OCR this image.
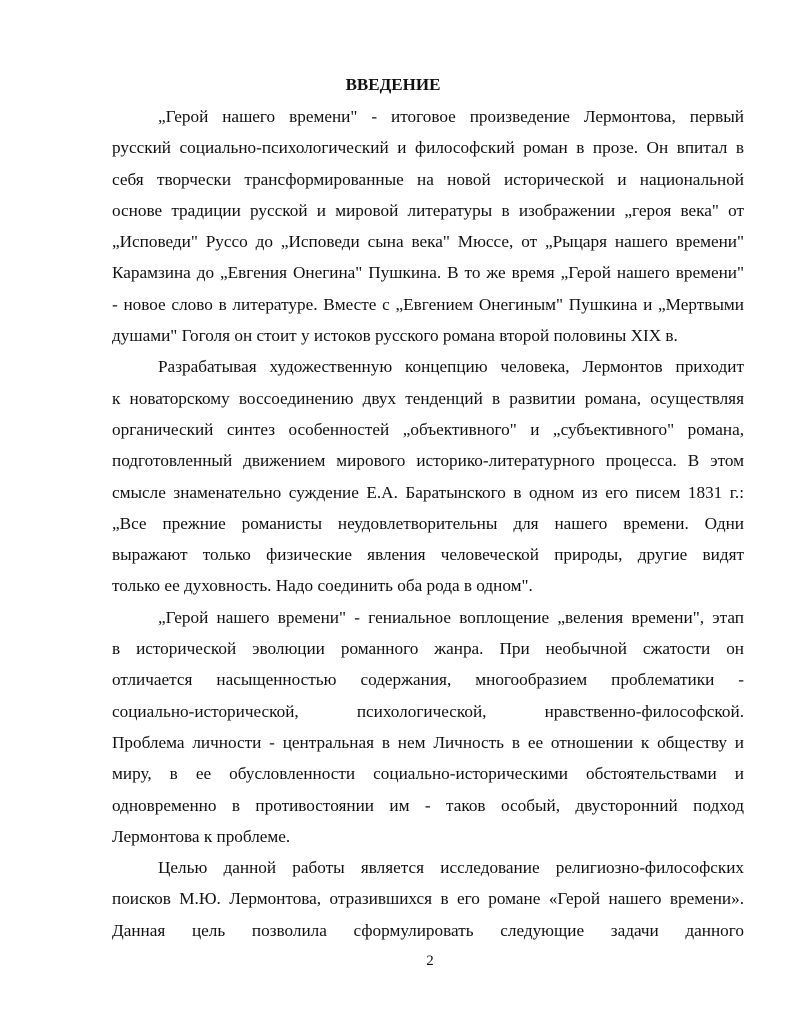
ВВЕДЕНИЕ
„Герой нашего времени" - итоговое произведение Лермонтова, первый
русский социально-психологический и философский роман в прозе. Он впитал в
себя творчески трансформированные на новой исторической и национальной
основе традиции русской и мировой литературы в изображении „героя века" от
„Исповеди" Руссо до „Исповеди сына века" Мюссе, от „Рыцаря нашего времени"
Карамзина до „Евгения Онегина" Пушкина. В то же время „Герой нашего времени"
- новое слово в литературе. Вместе с „Евгением Онегиным" Пушкина и „Мертвыми
душами" Гоголя он стоит у истоков русского романа второй половины XIX в.
Разрабатывая художественную концепцию человека, Лермонтов приходит
к новаторскому воссоединению двух тенденций в развитии романа, осуществляя
органический синтез особенностей „объективного" и „субъективного" романа,
подготовленный движением мирового историко-литературного процесса. В этом
смысле знаменательно суждение Е.А. Баратынского в одном из его писем 1831 г.:
„Все прежние романисты неудовлетворительны для нашего времени. Одни
выражают только физические явления человеческой природы, другие видят
только ее духовность. Надо соединить оба рода в одном".
„Герой нашего времени" - гениальное воплощение „веления времени", этап
в исторической эволюции романного жанра. При необычной сжатости он
отличается насыщенностью содержания, многообразием проблематики -
социально-исторической, психологической, нравственно-философской.
Проблема личности - центральная в нем Личность в ее отношении к обществу и
миру, в ее обусловленности социально-историческими обстоятельствами и
одновременно в противостоянии им - таков особый, двусторонний подход
Лермонтова к проблеме.
Целью данной работы является исследование религиозно-философских
поисков М.Ю. Лермонтова, отразившихся в его романе «Герой нашего времени».
Данная цель позволила сформулировать следующие задачи данного
2
